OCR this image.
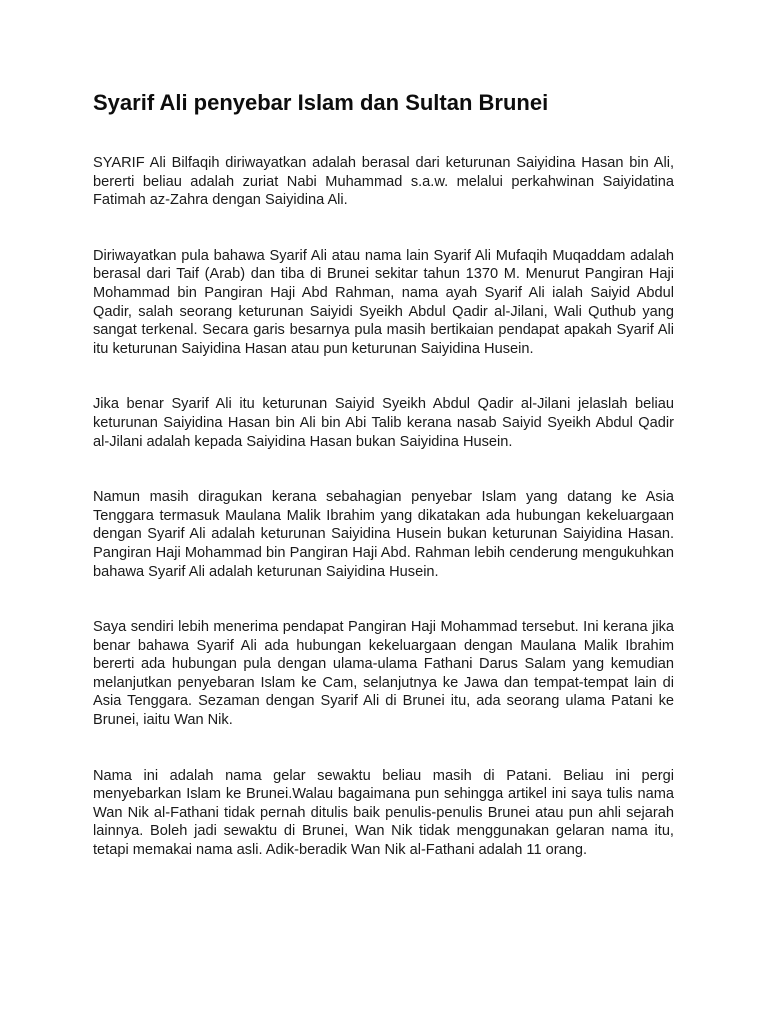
Syarif Ali penyebar Islam dan Sultan Brunei

SYARIF Ali Bilfaqih diriwayatkan adalah berasal dari keturunan Saiyidina Hasan bin Ali, bererti beliau adalah zuriat Nabi Muhammad s.a.w. melalui perkahwinan Saiyidatina Fatimah az-Zahra dengan Saiyidina Ali.

Diriwayatkan pula bahawa Syarif Ali atau nama lain Syarif Ali Mufaqih Muqaddam adalah berasal dari Taif (Arab) dan tiba di Brunei sekitar tahun 1370 M. Menurut Pangiran Haji Mohammad bin Pangiran Haji Abd Rahman, nama ayah Syarif Ali ialah Saiyid Abdul Qadir, salah seorang keturunan Saiyidi Syeikh Abdul Qadir al-Jilani, Wali Quthub yang sangat terkenal. Secara garis besarnya pula masih bertikaian pendapat apakah Syarif Ali itu keturunan Saiyidina Hasan atau pun keturunan Saiyidina Husein.

Jika benar Syarif Ali itu keturunan Saiyid Syeikh Abdul Qadir al-Jilani jelaslah beliau keturunan Saiyidina Hasan bin Ali bin Abi Talib kerana nasab Saiyid Syeikh Abdul Qadir al-Jilani adalah kepada Saiyidina Hasan bukan Saiyidina Husein.

Namun masih diragukan kerana sebahagian penyebar Islam yang datang ke Asia Tenggara termasuk Maulana Malik Ibrahim yang dikatakan ada hubungan kekeluargaan dengan Syarif Ali adalah keturunan Saiyidina Husein bukan keturunan Saiyidina Hasan. Pangiran Haji Mohammad bin Pangiran Haji Abd. Rahman lebih cenderung mengukuhkan bahawa Syarif Ali adalah keturunan Saiyidina Husein.

Saya sendiri lebih menerima pendapat Pangiran Haji Mohammad tersebut. Ini kerana jika benar bahawa Syarif Ali ada hubungan kekeluargaan dengan Maulana Malik Ibrahim bererti ada hubungan pula dengan ulama-ulama Fathani Darus Salam yang kemudian melanjutkan penyebaran Islam ke Cam, selanjutnya ke Jawa dan tempat-tempat lain di Asia Tenggara. Sezaman dengan Syarif Ali di Brunei itu, ada seorang ulama Patani ke Brunei, iaitu Wan Nik.

Nama ini adalah nama gelar sewaktu beliau masih di Patani. Beliau ini pergi menyebarkan Islam ke Brunei.Walau bagaimana pun sehingga artikel ini saya tulis nama Wan Nik al-Fathani tidak pernah ditulis baik penulis-penulis Brunei atau pun ahli sejarah lainnya. Boleh jadi sewaktu di Brunei, Wan Nik tidak menggunakan gelaran nama itu, tetapi memakai nama asli. Adik-beradik Wan Nik al-Fathani adalah 11 orang.
